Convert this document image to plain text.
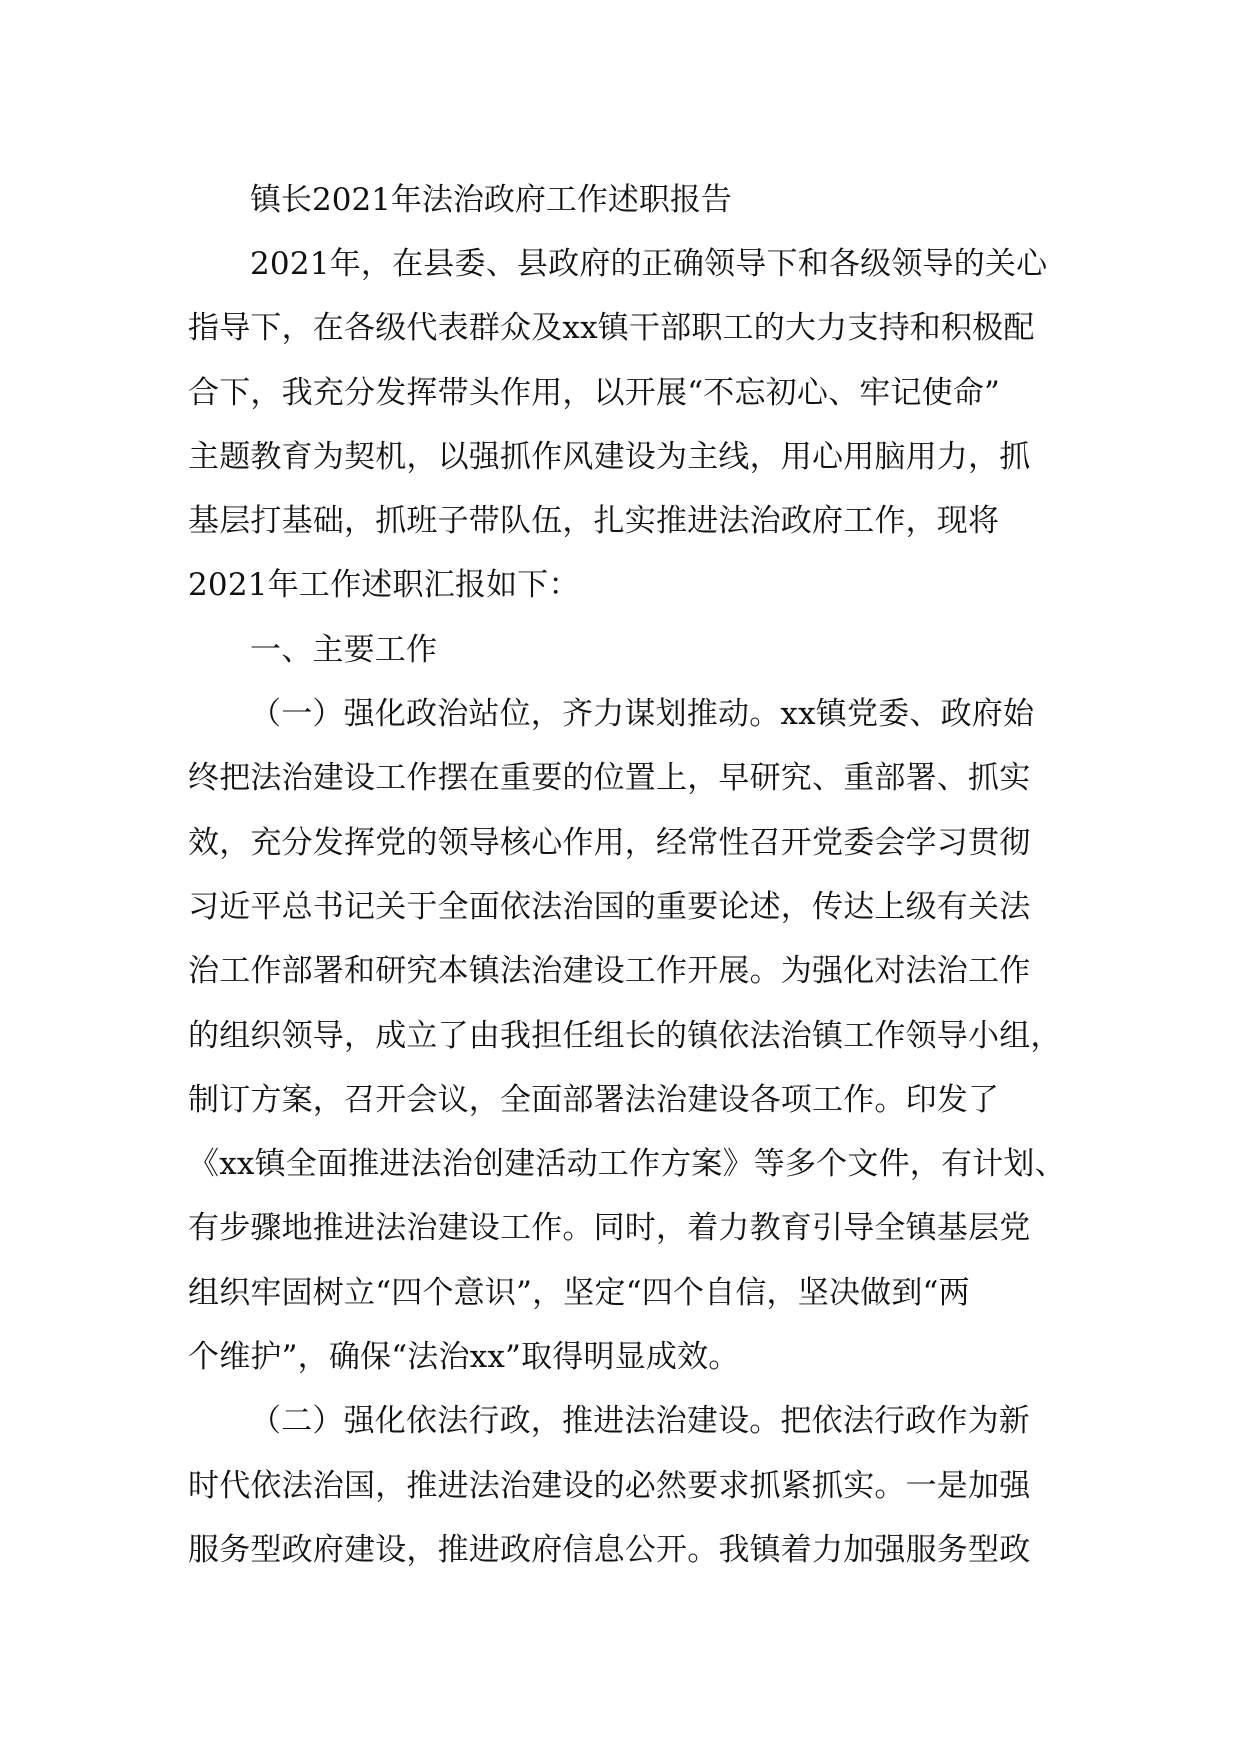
镇长2021年法治政府工作述职报告

2021年，在县委、县政府的正确领导下和各级领导的关心

指导下，在各级代表群众及xx镇干部职工的大力支持和积极配

合下，我充分发挥带头作用，以开展“不忘初心、牢记使命”

主题教育为契机，以强抓作风建设为主线，用心用脑用力，抓

基层打基础，抓班子带队伍，扎实推进法治政府工作，现将

2021年工作述职汇报如下：

一、主要工作

（一）强化政治站位，齐力谋划推动。xx镇党委、政府始

终把法治建设工作摆在重要的位置上，早研究、重部署、抓实

效，充分发挥党的领导核心作用，经常性召开党委会学习贯彻

习近平总书记关于全面依法治国的重要论述，传达上级有关法

治工作部署和研究本镇法治建设工作开展。为强化对法治工作

的组织领导，成立了由我担任组长的镇依法治镇工作领导小组，

制订方案，召开会议，全面部署法治建设各项工作。印发了

《xx镇全面推进法治创建活动工作方案》等多个文件，有计划、

有步骤地推进法治建设工作。同时，着力教育引导全镇基层党

组织牢固树立“四个意识”，坚定“四个自信，坚决做到“两

个维护”，确保“法治xx”取得明显成效。

（二）强化依法行政，推进法治建设。把依法行政作为新

时代依法治国，推进法治建设的必然要求抓紧抓实。一是加强

服务型政府建设，推进政府信息公开。我镇着力加强服务型政
